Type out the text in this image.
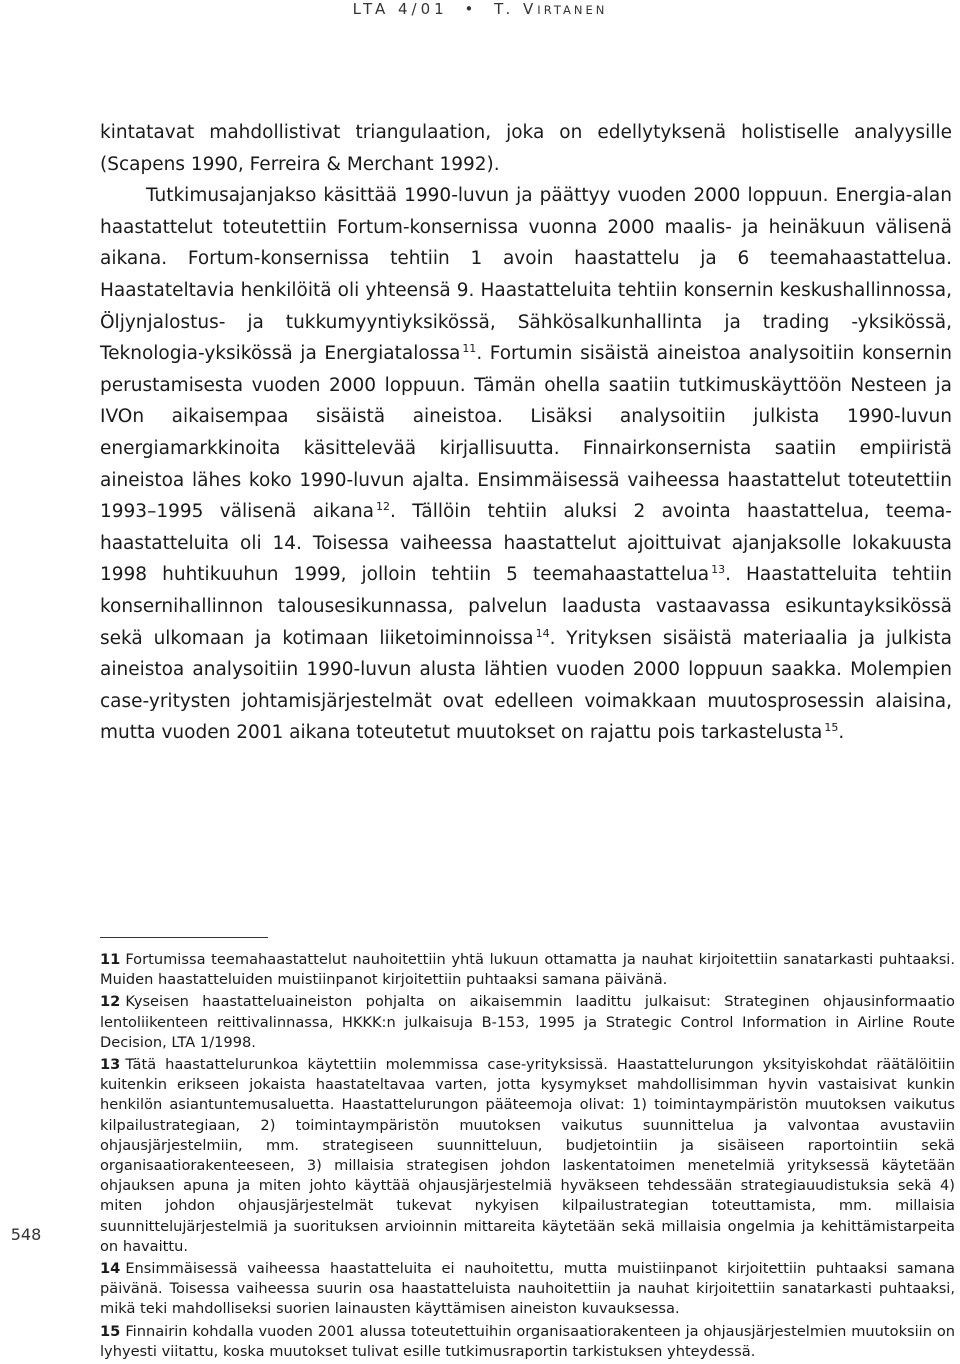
LTA 4/01 • T. VIRTANEN

kintatavat mahdollistivat triangulaation, joka on edellytyksenä holistiselle analyysille (Scapens 1990, Ferreira & Merchant 1992).

Tutkimusajanjakso käsittää 1990-luvun ja päättyy vuoden 2000 loppuun. Energia-alan haastattelut toteutettiin Fortum-konsernissa vuonna 2000 maalis- ja heinäkuun välisenä aikana. Fortum-konsernissa tehtiin 1 avoin haastattelu ja 6 teemahaastattelua. Haastateltavia henkilöitä oli yhteensä 9. Haastatteluita tehtiin konsernin keskushallinnossa, Öljynjalostus- ja tukkumyyntiyksikössä, Sähkösalkunhallinta ja trading -yksikössä, Teknologia-yksikössä ja Energiatalossa $^{11}$. Fortumin sisäistä aineistoa analysoitiin konsernin perustamisesta vuoden 2000 loppuun. Tämän ohella saatiin tutkimuskäyttöön Nesteen ja IVOn aikaisempaa sisäistä aineistoa. Lisäksi analysoitiin julkista 1990-luvun energiamarkkinoita käsittelevää kirjallisuutta. Finnairkonsernista saatiin empiiristä aineistoa lähes koko 1990-luvun ajalta. Ensimmäisessä vaiheessa haastattelut toteutettiin 1993–1995 välisenä aikana $^{12}$. Tällöin tehtiin aluksi 2 avointa haastattelua, teema-haastatteluita oli 14. Toisessa vaiheessa haastattelut ajoittuivat ajanjaksolle lokakuusta 1998 huhtikuuhun 1999, jolloin tehtiin 5 teemahaastattelua $^{13}$. Haastatteluita tehtiin konsernihallinnon talousesikunnassa, palvelun laadusta vastaavassa esikuntayksikössä sekä ulkomaan ja kotimaan liiketoiminnoissa $^{14}$. Yrityksen sisäistä materiaalia ja julkista aineistoa analysoitiin 1990-luvun alusta lähtien vuoden 2000 loppuun saakka. Molempien case-yritysten johtamisjärjestelmät ovat edelleen voimakkaan muutosprosessin alaisina, mutta vuoden 2001 aikana toteutetut muutokset on rajattu pois tarkastelusta $^{15}$.

11 Fortumissa teemahaastattelut nauhoitettiin yhtä lukuun ottamatta ja nauhat kirjoitettiin sanatarkasti puhtaaksi. Muiden haastatteluiden muistiinpanot kirjoitettiin puhtaaksi samana päivänä.

12 Kyseisen haastatteluaineiston pohjalta on aikaisemmin laadittu julkaisut: Strateginen ohjausinformaatio lentoliikenteen reittivalinnassa, HKKK:n julkaisuja B-153, 1995 ja Strategic Control Information in Airline Route Decision, LTA 1/1998.

13 Tätä haastattelurunkoa käytettiin molemmissa case-yrityksissä. Haastattelurungon yksityiskohdat räätälöitiin kuitenkin erikseen jokaista haastateltavaa varten, jotta kysymykset mahdollisimman hyvin vastaisivat kunkin henkilön asiantuntemusaluetta. Haastattelurungon pääteemoja olivat: 1) toimintaympäristön muutoksen vaikutus kilpailustrategiaan, 2) toimintaympäristön muutoksen vaikutus suunnittelua ja valvontaa avustaviin ohjausjärjestelmiin, mm. strategiseen suunnitteluun, budjetointiin ja sisäiseen raportointiin sekä organisaatiorakenteeseen, 3) millaisia strategisen johdon laskentatoimen menetelmiä yrityksessä käytetään ohjauksen apuna ja miten johto käyttää ohjausjärjestelmiä hyväkseen tehdessään strategiauudistuksia sekä 4) miten johdon ohjausjärjestelmät tukevat nykyisen kilpailustrategian toteuttamista, mm. millaisia suunnittelujärjestelmiä ja suorituksen arvioinnin mittareita käytetään sekä millaisia ongelmia ja kehittämistarpeita on havaittu.

14 Ensimmäisessä vaiheessa haastatteluita ei nauhoitettu, mutta muistiinpanot kirjoitettiin puhtaaksi samana päivänä. Toisessa vaiheessa suurin osa haastatteluista nauhoitettiin ja nauhat kirjoitettiin sanatarkasti puhtaaksi, mikä teki mahdolliseksi suorien lainausten käyttämisen aineiston kuvauksessa.

15 Finnairin kohdalla vuoden 2001 alussa toteutettuihin organisaatiorakenteen ja ohjausjärjestelmien muutoksiin on lyhyesti viitattu, koska muutokset tulivat esille tutkimusraportin tarkistuksen yhteydessä.

548
